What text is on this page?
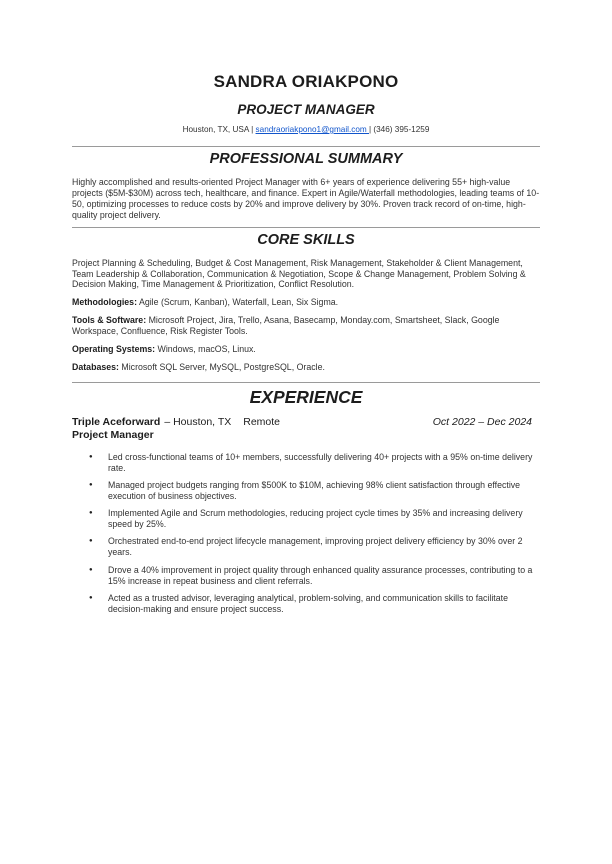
SANDRA ORIAKPONO
PROJECT MANAGER
Houston, TX, USA | sandraoriakpono1@gmail.com | (346) 395-1259
PROFESSIONAL SUMMARY

Highly accomplished and results-oriented Project Manager with 6+ years of experience delivering 55+ high-value projects ($5M-$30M) across tech, healthcare, and finance. Expert in Agile/Waterfall methodologies, leading teams of 10-50, optimizing processes to reduce costs by 20% and improve delivery by 30%. Proven track record of on-time, high-quality project delivery.

CORE SKILLS

Project Planning & Scheduling, Budget & Cost Management, Risk Management, Stakeholder & Client Management, Team Leadership & Collaboration, Communication & Negotiation, Scope & Change Management, Problem Solving & Decision Making, Time Management & Prioritization, Conflict Resolution.

Methodologies: Agile (Scrum, Kanban), Waterfall, Lean, Six Sigma.

Tools & Software: Microsoft Project, Jira, Trello, Asana, Basecamp, Monday.com, Smartsheet, Slack, Google Workspace, Confluence, Risk Register Tools.

Operating Systems: Windows, macOS, Linux.

Databases: Microsoft SQL Server, MySQL, PostgreSQL, Oracle.

EXPERIENCE
Triple Aceforward – Houston, TX Remote	Oct 2022 – Dec 2024
Project Manager
● Led cross-functional teams of 10+ members, successfully delivering 40+ projects with a 95% on-time delivery rate.
● Managed project budgets ranging from $500K to $10M, achieving 98% client satisfaction through effective execution of business objectives.
● Implemented Agile and Scrum methodologies, reducing project cycle times by 35% and increasing delivery speed by 25%.
● Orchestrated end-to-end project lifecycle management, improving project delivery efficiency by 30% over 2 years.
● Drove a 40% improvement in project quality through enhanced quality assurance processes, contributing to a 15% increase in repeat business and client referrals.
● Acted as a trusted advisor, leveraging analytical, problem-solving, and communication skills to facilitate decision-making and ensure project success.
